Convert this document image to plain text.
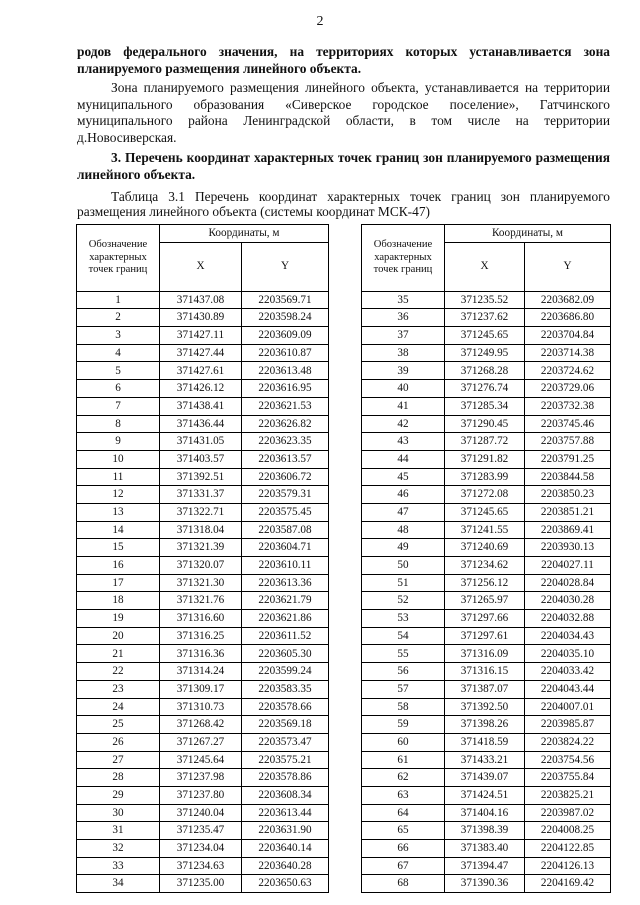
2
родов федерального значения, на территориях которых устанавливается зона планируемого размещения линейного объекта.
Зона планируемого размещения линейного объекта, устанавливается на территории муниципального образования «Сиверское городское поселение», Гатчинского муниципального района Ленинградской области, в том числе на территории д.Новосиверская.
3. Перечень координат характерных точек границ зон планируемого размещения линейного объекта.
Таблица 3.1 Перечень координат характерных точек границ зон планируемого размещения линейного объекта (системы координат МСК-47)
Обозначение характерных точек границ	Координаты, м	
	X	Y
1	371437.08	2203569.71
2	371430.89	2203598.24
3	371427.11	2203609.09
4	371427.44	2203610.87
5	371427.61	2203613.48
6	371426.12	2203616.95
7	371438.41	2203621.53
8	371436.44	2203626.82
9	371431.05	2203623.35
10	371403.57	2203613.57
11	371392.51	2203606.72
12	371331.37	2203579.31
13	371322.71	2203575.45
14	371318.04	2203587.08
15	371321.39	2203604.71
16	371320.07	2203610.11
17	371321.30	2203613.36
18	371321.76	2203621.79
19	371316.60	2203621.86
20	371316.25	2203611.52
21	371316.36	2203605.30
22	371314.24	2203599.24
23	371309.17	2203583.35
24	371310.73	2203578.66
25	371268.42	2203569.18
26	371267.27	2203573.47
27	371245.64	2203575.21
28	371237.98	2203578.86
29	371237.80	2203608.34
30	371240.04	2203613.44
31	371235.47	2203631.90
32	371234.04	2203640.14
33	371234.63	2203640.28
34	371235.00	2203650.63
Обозначение характерных точек границ	Координаты, м	
	X	Y
35	371235.52	2203682.09
36	371237.62	2203686.80
37	371245.65	2203704.84
38	371249.95	2203714.38
39	371268.28	2203724.62
40	371276.74	2203729.06
41	371285.34	2203732.38
42	371290.45	2203745.46
43	371287.72	2203757.88
44	371291.82	2203791.25
45	371283.99	2203844.58
46	371272.08	2203850.23
47	371245.65	2203851.21
48	371241.55	2203869.41
49	371240.69	2203930.13
50	371234.62	2204027.11
51	371256.12	2204028.84
52	371265.97	2204030.28
53	371297.66	2204032.88
54	371297.61	2204034.43
55	371316.09	2204035.10
56	371316.15	2204033.42
57	371387.07	2204043.44
58	371392.50	2204007.01
59	371398.26	2203985.87
60	371418.59	2203824.22
61	371433.21	2203754.56
62	371439.07	2203755.84
63	371424.51	2203825.21
64	371404.16	2203987.02
65	371398.39	2204008.25
66	371383.40	2204122.85
67	371394.47	2204126.13
68	371390.36	2204169.42
